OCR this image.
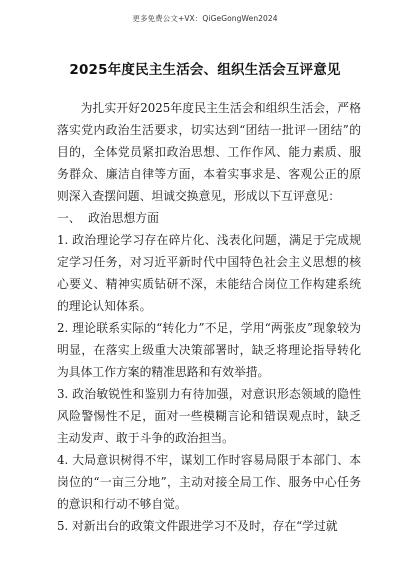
更多免费公文+VX：QiGeGongWen2024
2025年度民主生活会、组织生活会互评意见

为扎实开好2025年度民主生活会和组织生活会，严格落实党内政治生活要求，切实达到“团结一批评一团结”的目的，全体党员紧扣政治思想、工作作风、能力素质、服务群众、廉洁自律等方面，本着实事求是、客观公正的原则深入查摆问题、坦诚交换意见，形成以下互评意见：

一、  政治思想方面

1. 政治理论学习存在碎片化、浅表化问题，满足于完成规定学习任务，对习近平新时代中国特色社会主义思想的核心要义、精神实质钻研不深，未能结合岗位工作构建系统的理论认知体系。

2. 理论联系实际的“转化力”不足，学用“两张皮”现象较为明显，在落实上级重大决策部署时，缺乏将理论指导转化为具体工作方案的精准思路和有效举措。

3. 政治敏锐性和鉴别力有待加强，对意识形态领域的隐性风险警惕性不足，面对一些模糊言论和错误观点时，缺乏主动发声、敢于斗争的政治担当。

4. 大局意识树得不牢，谋划工作时容易局限于本部门、本岗位的“一亩三分地”，主动对接全局工作、服务中心任务的意识和行动不够自觉。

5. 对新出台的政策文件跟进学习不及时，存在“学过就
